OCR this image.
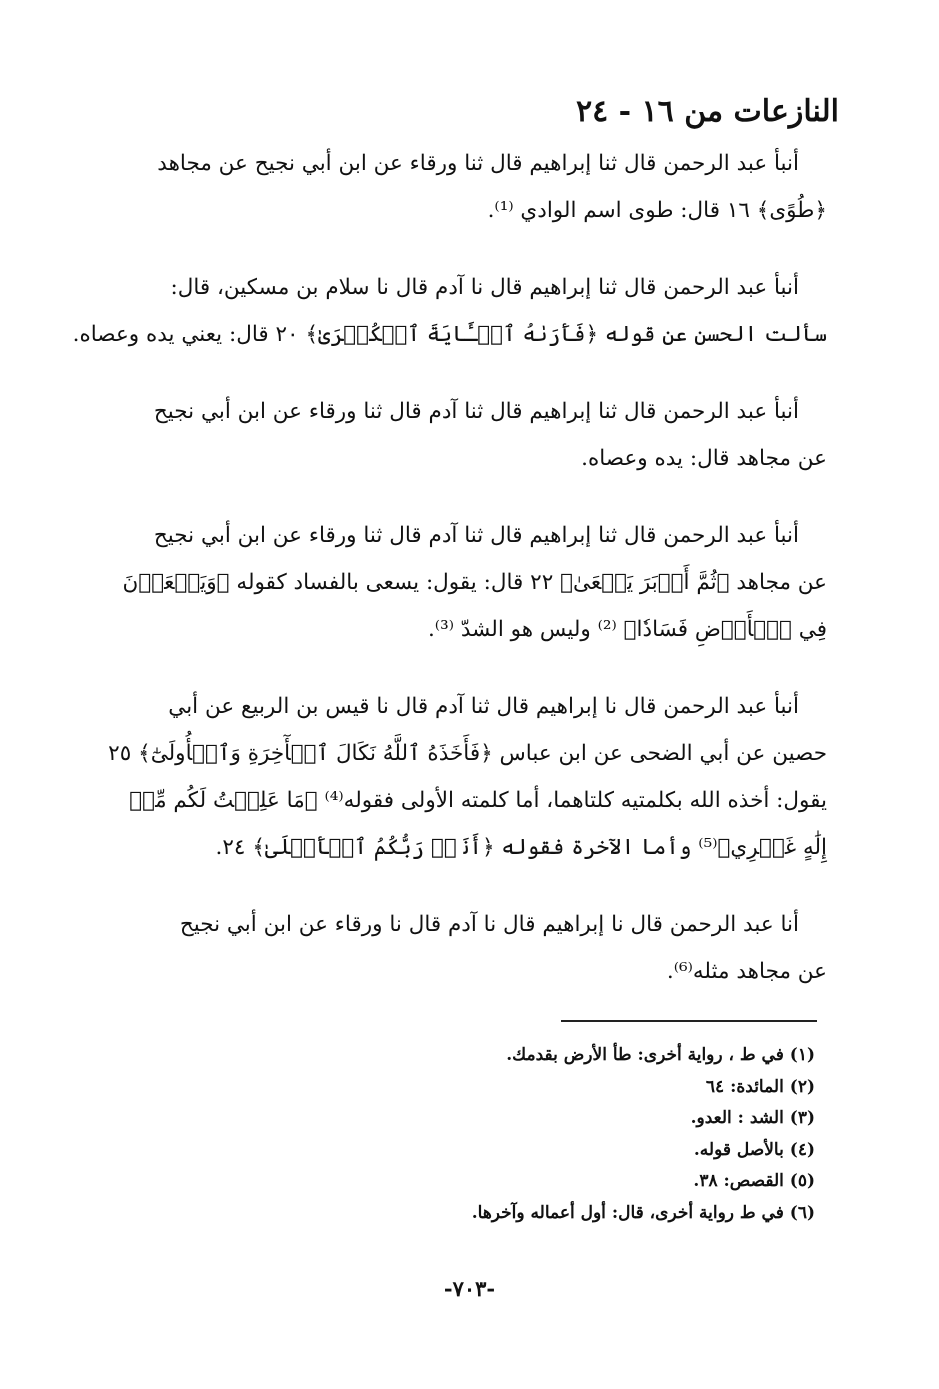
النازعات من ١٦ - ٢٤

أنبأ عبد الرحمن قال ثنا إبراهيم قال ثنا ورقاء عن ابن أبي نجيح عن مجاهد
﴿طُوًى﴾ ١٦ قال: طوى اسم الوادي ⁽¹⁾.

أنبأ عبد الرحمن قال ثنا إبراهيم قال نا آدم قال نا سلام بن مسكين، قال:
سألت الحسن عن قوله ﴿فَأَرَىٰهُ ٱلۡـَٔايَةَ ٱلۡكُبۡرَىٰ﴾ ٢٠ قال: يعني يده وعصاه.

أنبأ عبد الرحمن قال ثنا إبراهيم قال ثنا آدم قال ثنا ورقاء عن ابن أبي نجيح
عن مجاهد قال: يده وعصاه.

أنبأ عبد الرحمن قال ثنا إبراهيم قال ثنا آدم قال ثنا ورقاء عن ابن أبي نجيح
عن مجاهد ﴿ثُمَّ أَدۡبَرَ يَسۡعَىٰ﴾ ٢٢ قال: يقول: يسعى بالفساد كقوله ﴿وَيَسۡعَوۡنَ
فِي ٱلۡأَرۡضِ فَسَادٗا﴾ ⁽²⁾ وليس هو الشدّ ⁽³⁾.

أنبأ عبد الرحمن قال نا إبراهيم قال ثنا آدم قال نا قيس بن الربيع عن أبي
حصين عن أبي الضحى عن ابن عباس ﴿فَأَخَذَهُ ٱللَّهُ نَكَالَ ٱلۡأٓخِرَةِ وَٱلۡأُولَىٰٓ﴾ ٢٥
يقول: أخذه الله بكلمتيه كلتاهما، أما كلمته الأولى فقوله⁽⁴⁾ ﴿مَا عَلِمۡتُ لَكُم مِّنۡ
إِلَٰهٍ غَيۡرِي﴾⁽⁵⁾ وأما الآخرة فقوله ﴿أَنَا۠ رَبُّكُمُ ٱلۡأَعۡلَىٰ﴾ ٢٤.

أنا عبد الرحمن قال نا إبراهيم قال نا آدم قال نا ورقاء عن ابن أبي نجيح
عن مجاهد مثله⁽⁶⁾.

(١) في ط ، رواية أخرى: طأ الأرض بقدمك.
(٢) المائدة: ٦٤
(٣) الشد : العدو.
(٤) بالأصل قوله.
(٥) القصص: ٣٨.
(٦) في ط رواية أخرى، قال: أول أعماله وآخرها.
-٧٠٣-
